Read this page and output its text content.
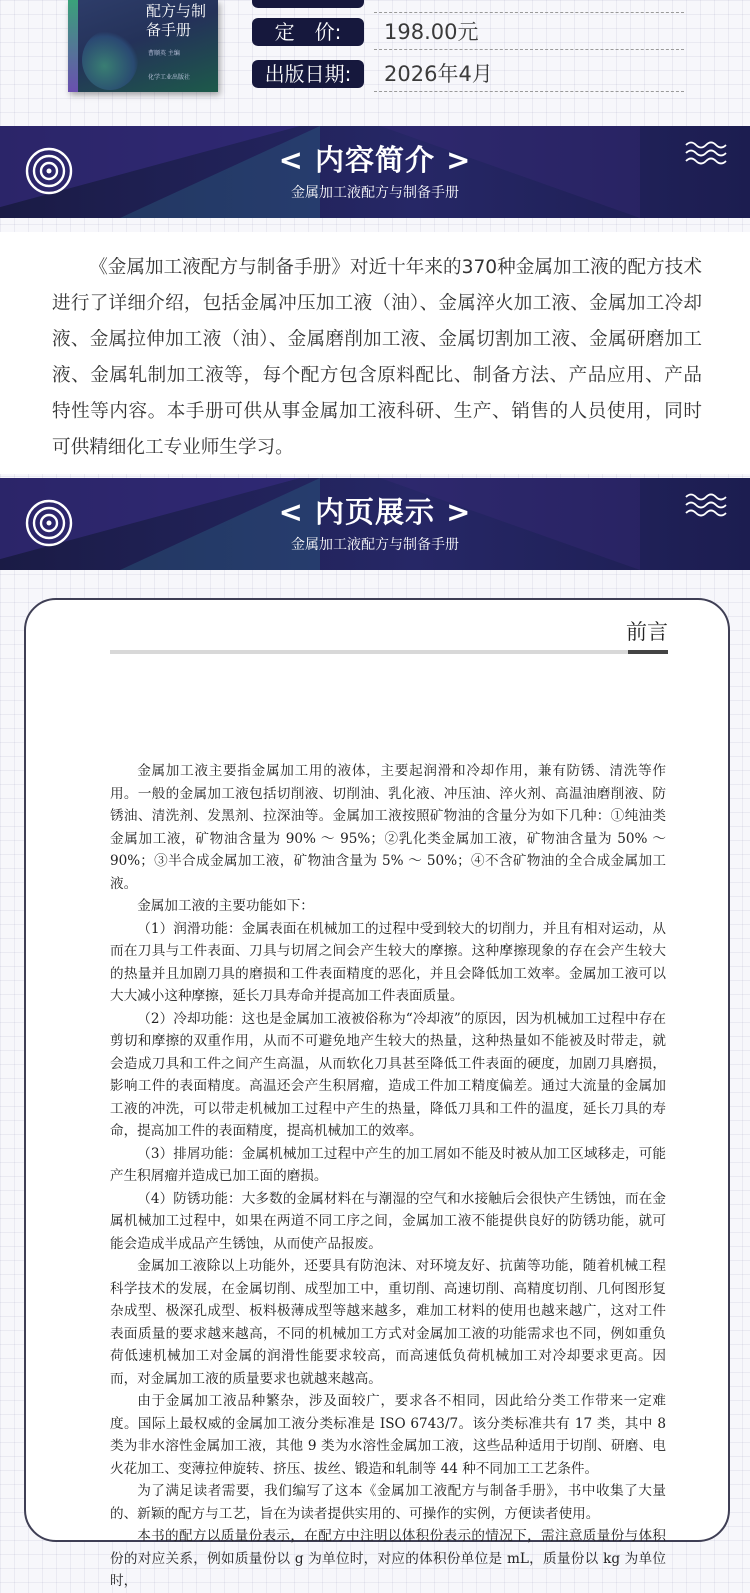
配方与制备手册
曹顺英 主编
化学工业出版社
定　价:	198.00元
出版日期:	2026年4月
< 内容简介 >
金属加工液配方与制备手册

《金属加工液配方与制备手册》对近十年来的370种金属加工液的配方技术进行了详细介绍，包括金属冲压加工液（油）、金属淬火加工液、金属加工冷却液、金属拉伸加工液（油）、金属磨削加工液、金属切割加工液、金属研磨加工液、金属轧制加工液等，每个配方包含原料配比、制备方法、产品应用、产品特性等内容。本手册可供从事金属加工液科研、生产、销售的人员使用，同时可供精细化工专业师生学习。

< 内页展示 >
金属加工液配方与制备手册
前言

金属加工液主要指金属加工用的液体，主要起润滑和冷却作用，兼有防锈、清洗等作用。一般的金属加工液包括切削液、切削油、乳化液、冲压油、淬火剂、高温油磨削液、防锈油、清洗剂、发黑剂、拉深油等。金属加工液按照矿物油的含量分为如下几种：①纯油类金属加工液，矿物油含量为 90% ～ 95%；②乳化类金属加工液，矿物油含量为 50% ～ 90%；③半合成金属加工液，矿物油含量为 5% ～ 50%；④不含矿物油的全合成金属加工液。

金属加工液的主要功能如下：

（1）润滑功能：金属表面在机械加工的过程中受到较大的切削力，并且有相对运动，从而在刀具与工件表面、刀具与切屑之间会产生较大的摩擦。这种摩擦现象的存在会产生较大的热量并且加剧刀具的磨损和工件表面精度的恶化，并且会降低加工效率。金属加工液可以大大减小这种摩擦，延长刀具寿命并提高加工件表面质量。

（2）冷却功能：这也是金属加工液被俗称为“冷却液”的原因，因为机械加工过程中存在剪切和摩擦的双重作用，从而不可避免地产生较大的热量，这种热量如不能被及时带走，就会造成刀具和工件之间产生高温，从而软化刀具甚至降低工件表面的硬度，加剧刀具磨损，影响工件的表面精度。高温还会产生积屑瘤，造成工件加工精度偏差。通过大流量的金属加工液的冲洗，可以带走机械加工过程中产生的热量，降低刀具和工件的温度，延长刀具的寿命，提高加工件的表面精度，提高机械加工的效率。

（3）排屑功能：金属机械加工过程中产生的加工屑如不能及时被从加工区域移走，可能产生积屑瘤并造成已加工面的磨损。

（4）防锈功能：大多数的金属材料在与潮湿的空气和水接触后会很快产生锈蚀，而在金属机械加工过程中，如果在两道不同工序之间，金属加工液不能提供良好的防锈功能，就可能会造成半成品产生锈蚀，从而使产品报废。

金属加工液除以上功能外，还要具有防泡沫、对环境友好、抗菌等功能，随着机械工程科学技术的发展，在金属切削、成型加工中，重切削、高速切削、高精度切削、几何图形复杂成型、极深孔成型、板料极薄成型等越来越多，难加工材料的使用也越来越广，这对工件表面质量的要求越来越高，不同的机械加工方式对金属加工液的功能需求也不同，例如重负荷低速机械加工对金属的润滑性能要求较高，而高速低负荷机械加工对冷却要求更高。因而，对金属加工液的质量要求也就越来越高。

由于金属加工液品种繁杂，涉及面较广，要求各不相同，因此给分类工作带来一定难度。国际上最权威的金属加工液分类标准是 ISO 6743/7。该分类标准共有 17 类，其中 8 类为非水溶性金属加工液，其他 9 类为水溶性金属加工液，这些品种适用于切削、研磨、电火花加工、变薄拉伸旋转、挤压、拔丝、锻造和轧制等 44 种不同加工工艺条件。

为了满足读者需要，我们编写了这本《金属加工液配方与制备手册》，书中收集了大量的、新颖的配方与工艺，旨在为读者提供实用的、可操作的实例，方便读者使用。

本书的配方以质量份表示，在配方中注明以体积份表示的情况下，需注意质量份与体积份的对应关系，例如质量份以 g 为单位时，对应的体积份单位是 mL，质量份以 kg 为单位时，
